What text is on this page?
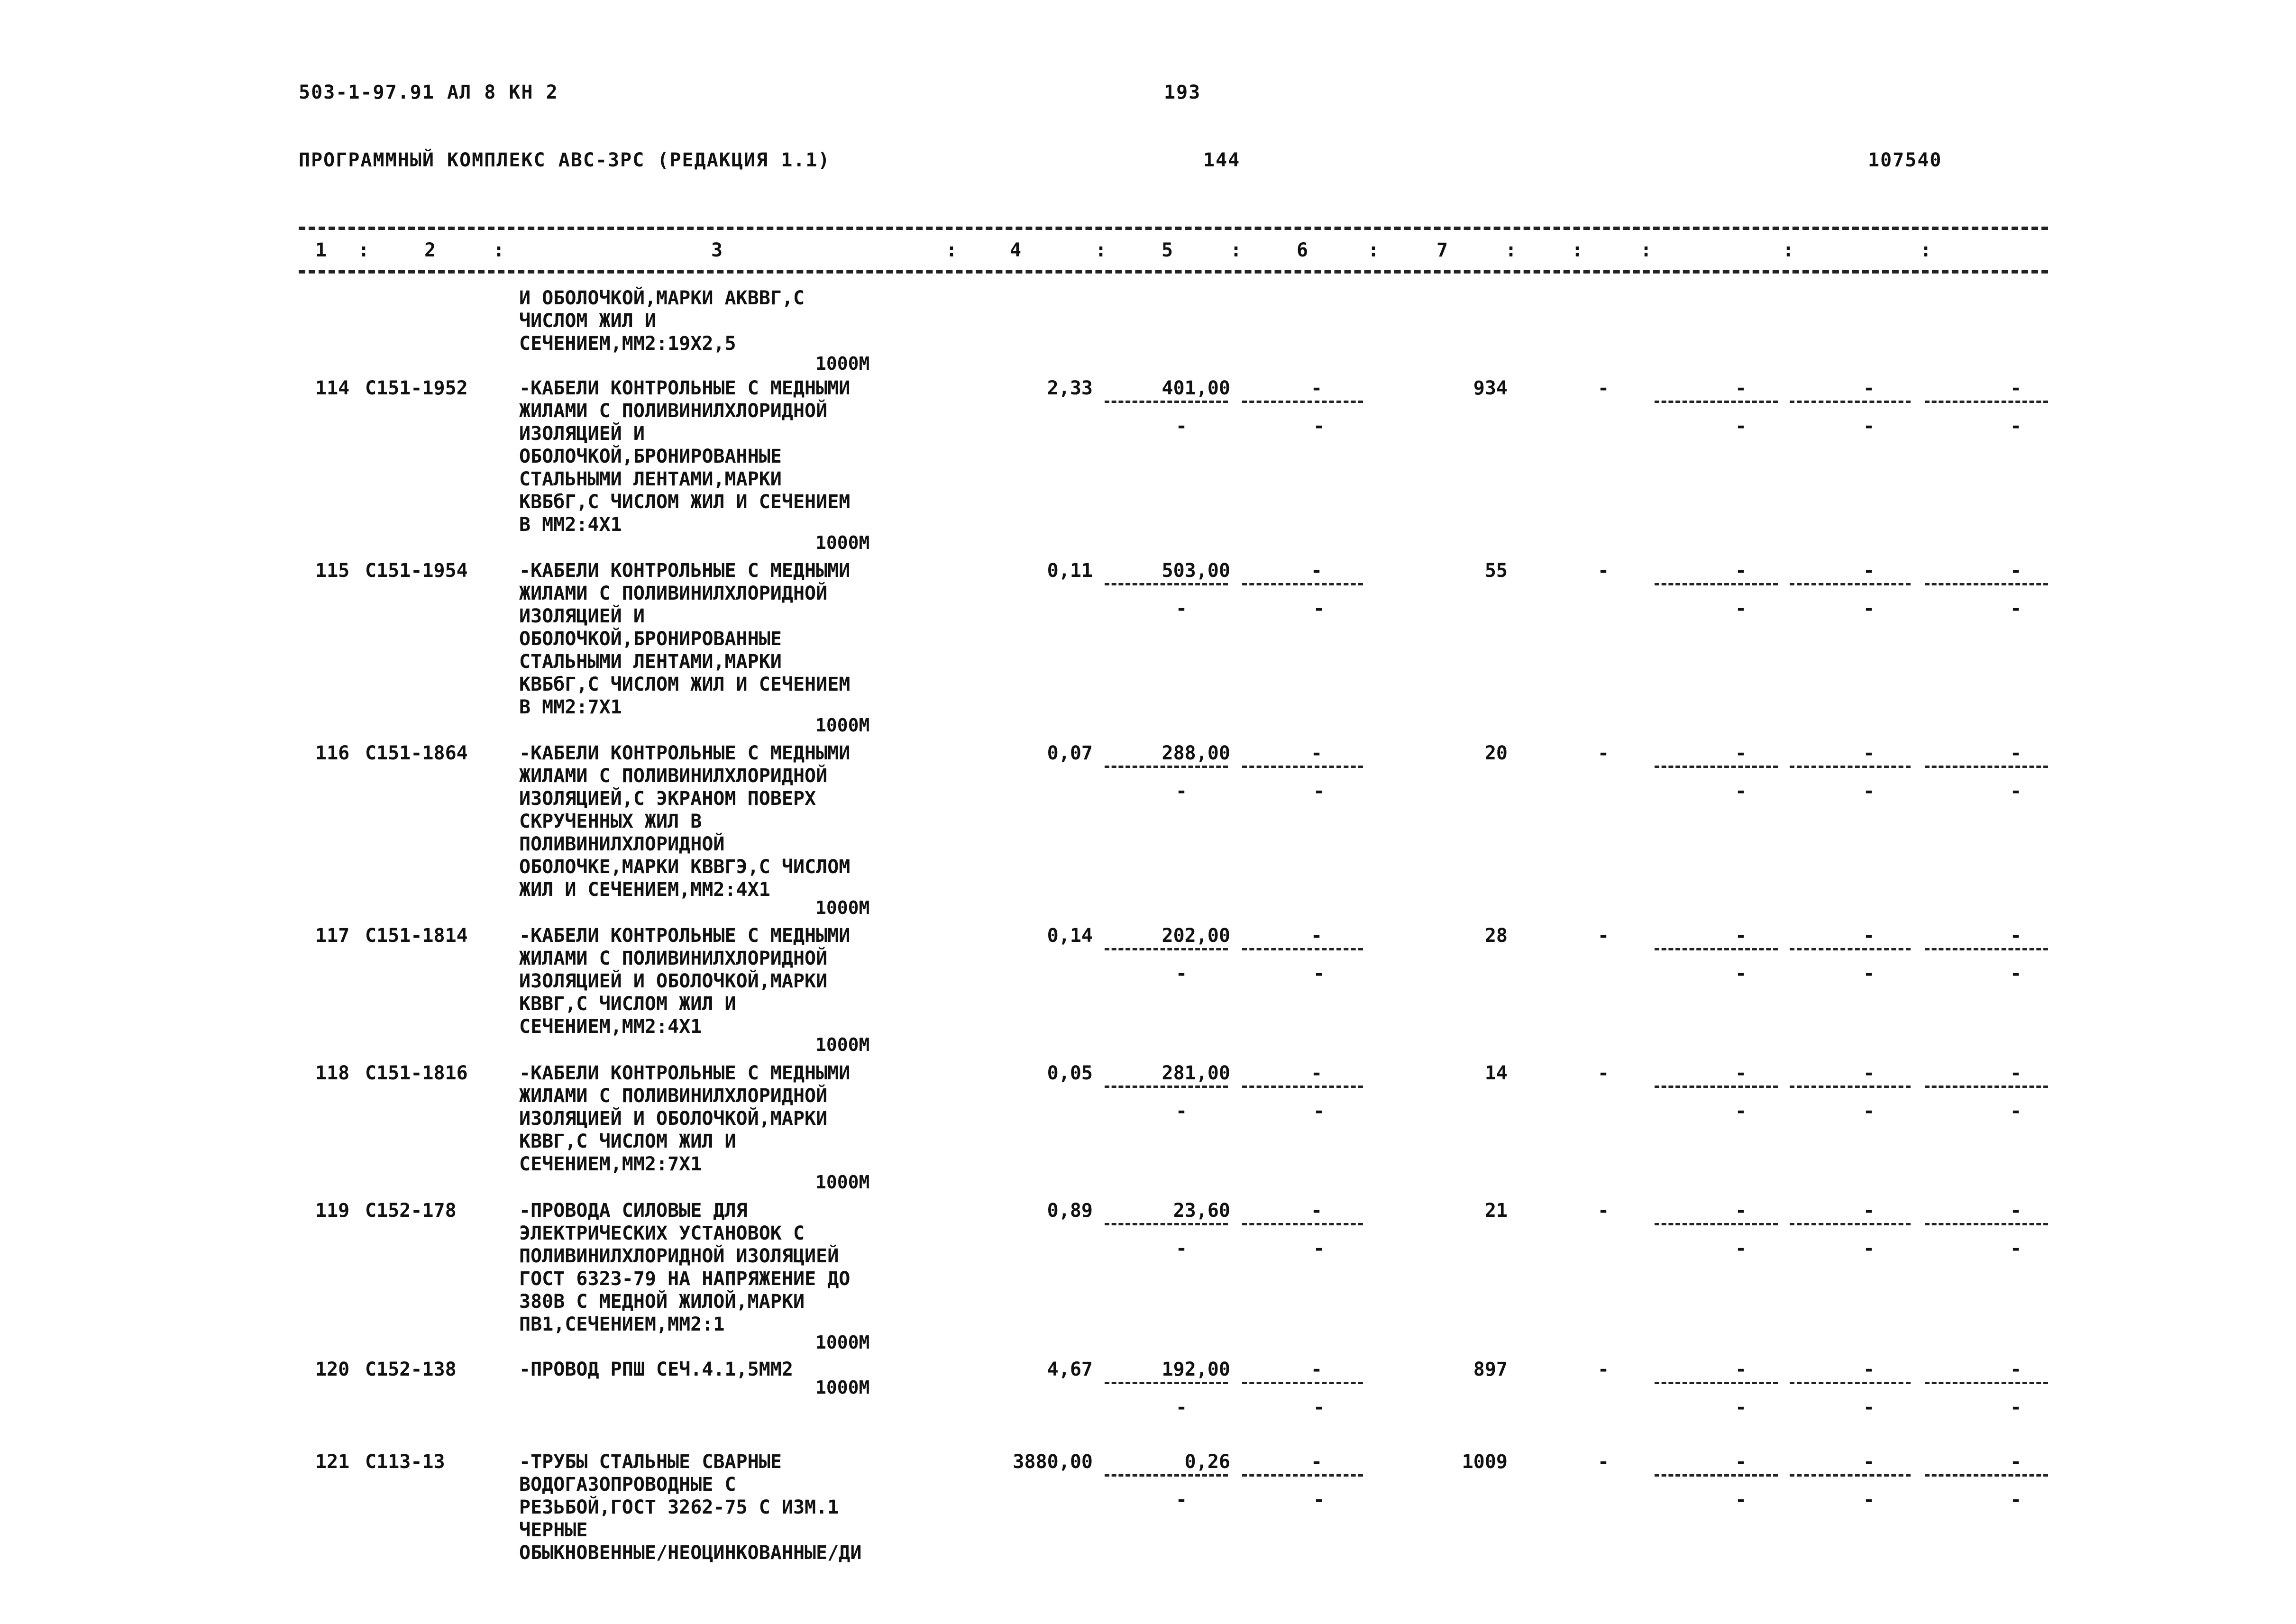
503-1-97.91 АЛ 8 КН 2	193
ПРОГРАММНЫЙ КОМПЛЕКС АВС-3РС (РЕДАКЦИЯ 1.1)	144	107540
1 :	2	:	3	:	4	:	5	:	6	:	7	:	:	:	:	:
И ОБОЛОЧКОЙ,МАРКИ АКВВГ,С
ЧИСЛОМ ЖИЛ И
СЕЧЕНИЕМ,ММ2:19Х2,5
1000М
114 С151-1952	-КАБЕЛИ КОНТРОЛЬНЫЕ С МЕДНЫМИ
ЖИЛАМИ С ПОЛИВИНИЛХЛОРИДНОЙ
ИЗОЛЯЦИЕЙ И
ОБОЛОЧКОЙ,БРОНИРОВАННЫЕ
СТАЛЬНЫМИ ЛЕНТАМИ,МАРКИ
КВБбГ,С ЧИСЛОМ ЖИЛ И СЕЧЕНИЕМ
В ММ2:4Х1
1000М
2,33	401,00	-	934	-	-	-	-
-	-	-	-	-
115 С151-1954	-КАБЕЛИ КОНТРОЛЬНЫЕ С МЕДНЫМИ
ЖИЛАМИ С ПОЛИВИНИЛХЛОРИДНОЙ
ИЗОЛЯЦИЕЙ И
ОБОЛОЧКОЙ,БРОНИРОВАННЫЕ
СТАЛЬНЫМИ ЛЕНТАМИ,МАРКИ
КВБбГ,С ЧИСЛОМ ЖИЛ И СЕЧЕНИЕМ
В ММ2:7Х1
1000М
0,11	503,00	-	55	-	-	-	-
-	-	-	-	-
116 С151-1864	-КАБЕЛИ КОНТРОЛЬНЫЕ С МЕДНЫМИ
ЖИЛАМИ С ПОЛИВИНИЛХЛОРИДНОЙ
ИЗОЛЯЦИЕЙ,С ЭКРАНОМ ПОВЕРХ
СКРУЧЕННЫХ ЖИЛ В
ПОЛИВИНИЛХЛОРИДНОЙ
ОБОЛОЧКЕ,МАРКИ КВВГЭ,С ЧИСЛОМ
ЖИЛ И СЕЧЕНИЕМ,ММ2:4Х1
1000М
0,07	288,00	-	20	-	-	-	-
-	-	-	-	-
117 С151-1814	-КАБЕЛИ КОНТРОЛЬНЫЕ С МЕДНЫМИ
ЖИЛАМИ С ПОЛИВИНИЛХЛОРИДНОЙ
ИЗОЛЯЦИЕЙ И ОБОЛОЧКОЙ,МАРКИ
КВВГ,С ЧИСЛОМ ЖИЛ И
СЕЧЕНИЕМ,ММ2:4Х1
1000М
0,14	202,00	-	28	-	-	-	-
-	-	-	-	-
118 С151-1816	-КАБЕЛИ КОНТРОЛЬНЫЕ С МЕДНЫМИ
ЖИЛАМИ С ПОЛИВИНИЛХЛОРИДНОЙ
ИЗОЛЯЦИЕЙ И ОБОЛОЧКОЙ,МАРКИ
КВВГ,С ЧИСЛОМ ЖИЛ И
СЕЧЕНИЕМ,ММ2:7Х1
1000М
0,05	281,00	-	14	-	-	-	-
-	-	-	-	-
119 С152-178	-ПРОВОДА СИЛОВЫЕ ДЛЯ
ЭЛЕКТРИЧЕСКИХ УСТАНОВОК С
ПОЛИВИНИЛХЛОРИДНОЙ ИЗОЛЯЦИЕЙ
ГОСТ 6323-79 НА НАПРЯЖЕНИЕ ДО
380В С МЕДНОЙ ЖИЛОЙ,МАРКИ
ПВ1,СЕЧЕНИЕМ,ММ2:1
1000М
0,89	23,60	-	21	-	-	-	-
-	-	-	-	-
120 С152-138	-ПРОВОД РПШ СЕЧ.4.1,5ММ2
1000М
4,67	192,00	-	897	-	-	-	-
-	-	-	-	-
121 С113-13	-ТРУБЫ СТАЛЬНЫЕ СВАРНЫЕ
ВОДОГАЗОПРОВОДНЫЕ С
РЕЗЬБОЙ,ГОСТ 3262-75 С ИЗМ.1
ЧЕРНЫЕ
ОБЫКНОВЕННЫЕ/НЕОЦИНКОВАННЫЕ/ДИ
3880,00	0,26	-	1009	-	-	-	-
-	-	-	-	-
